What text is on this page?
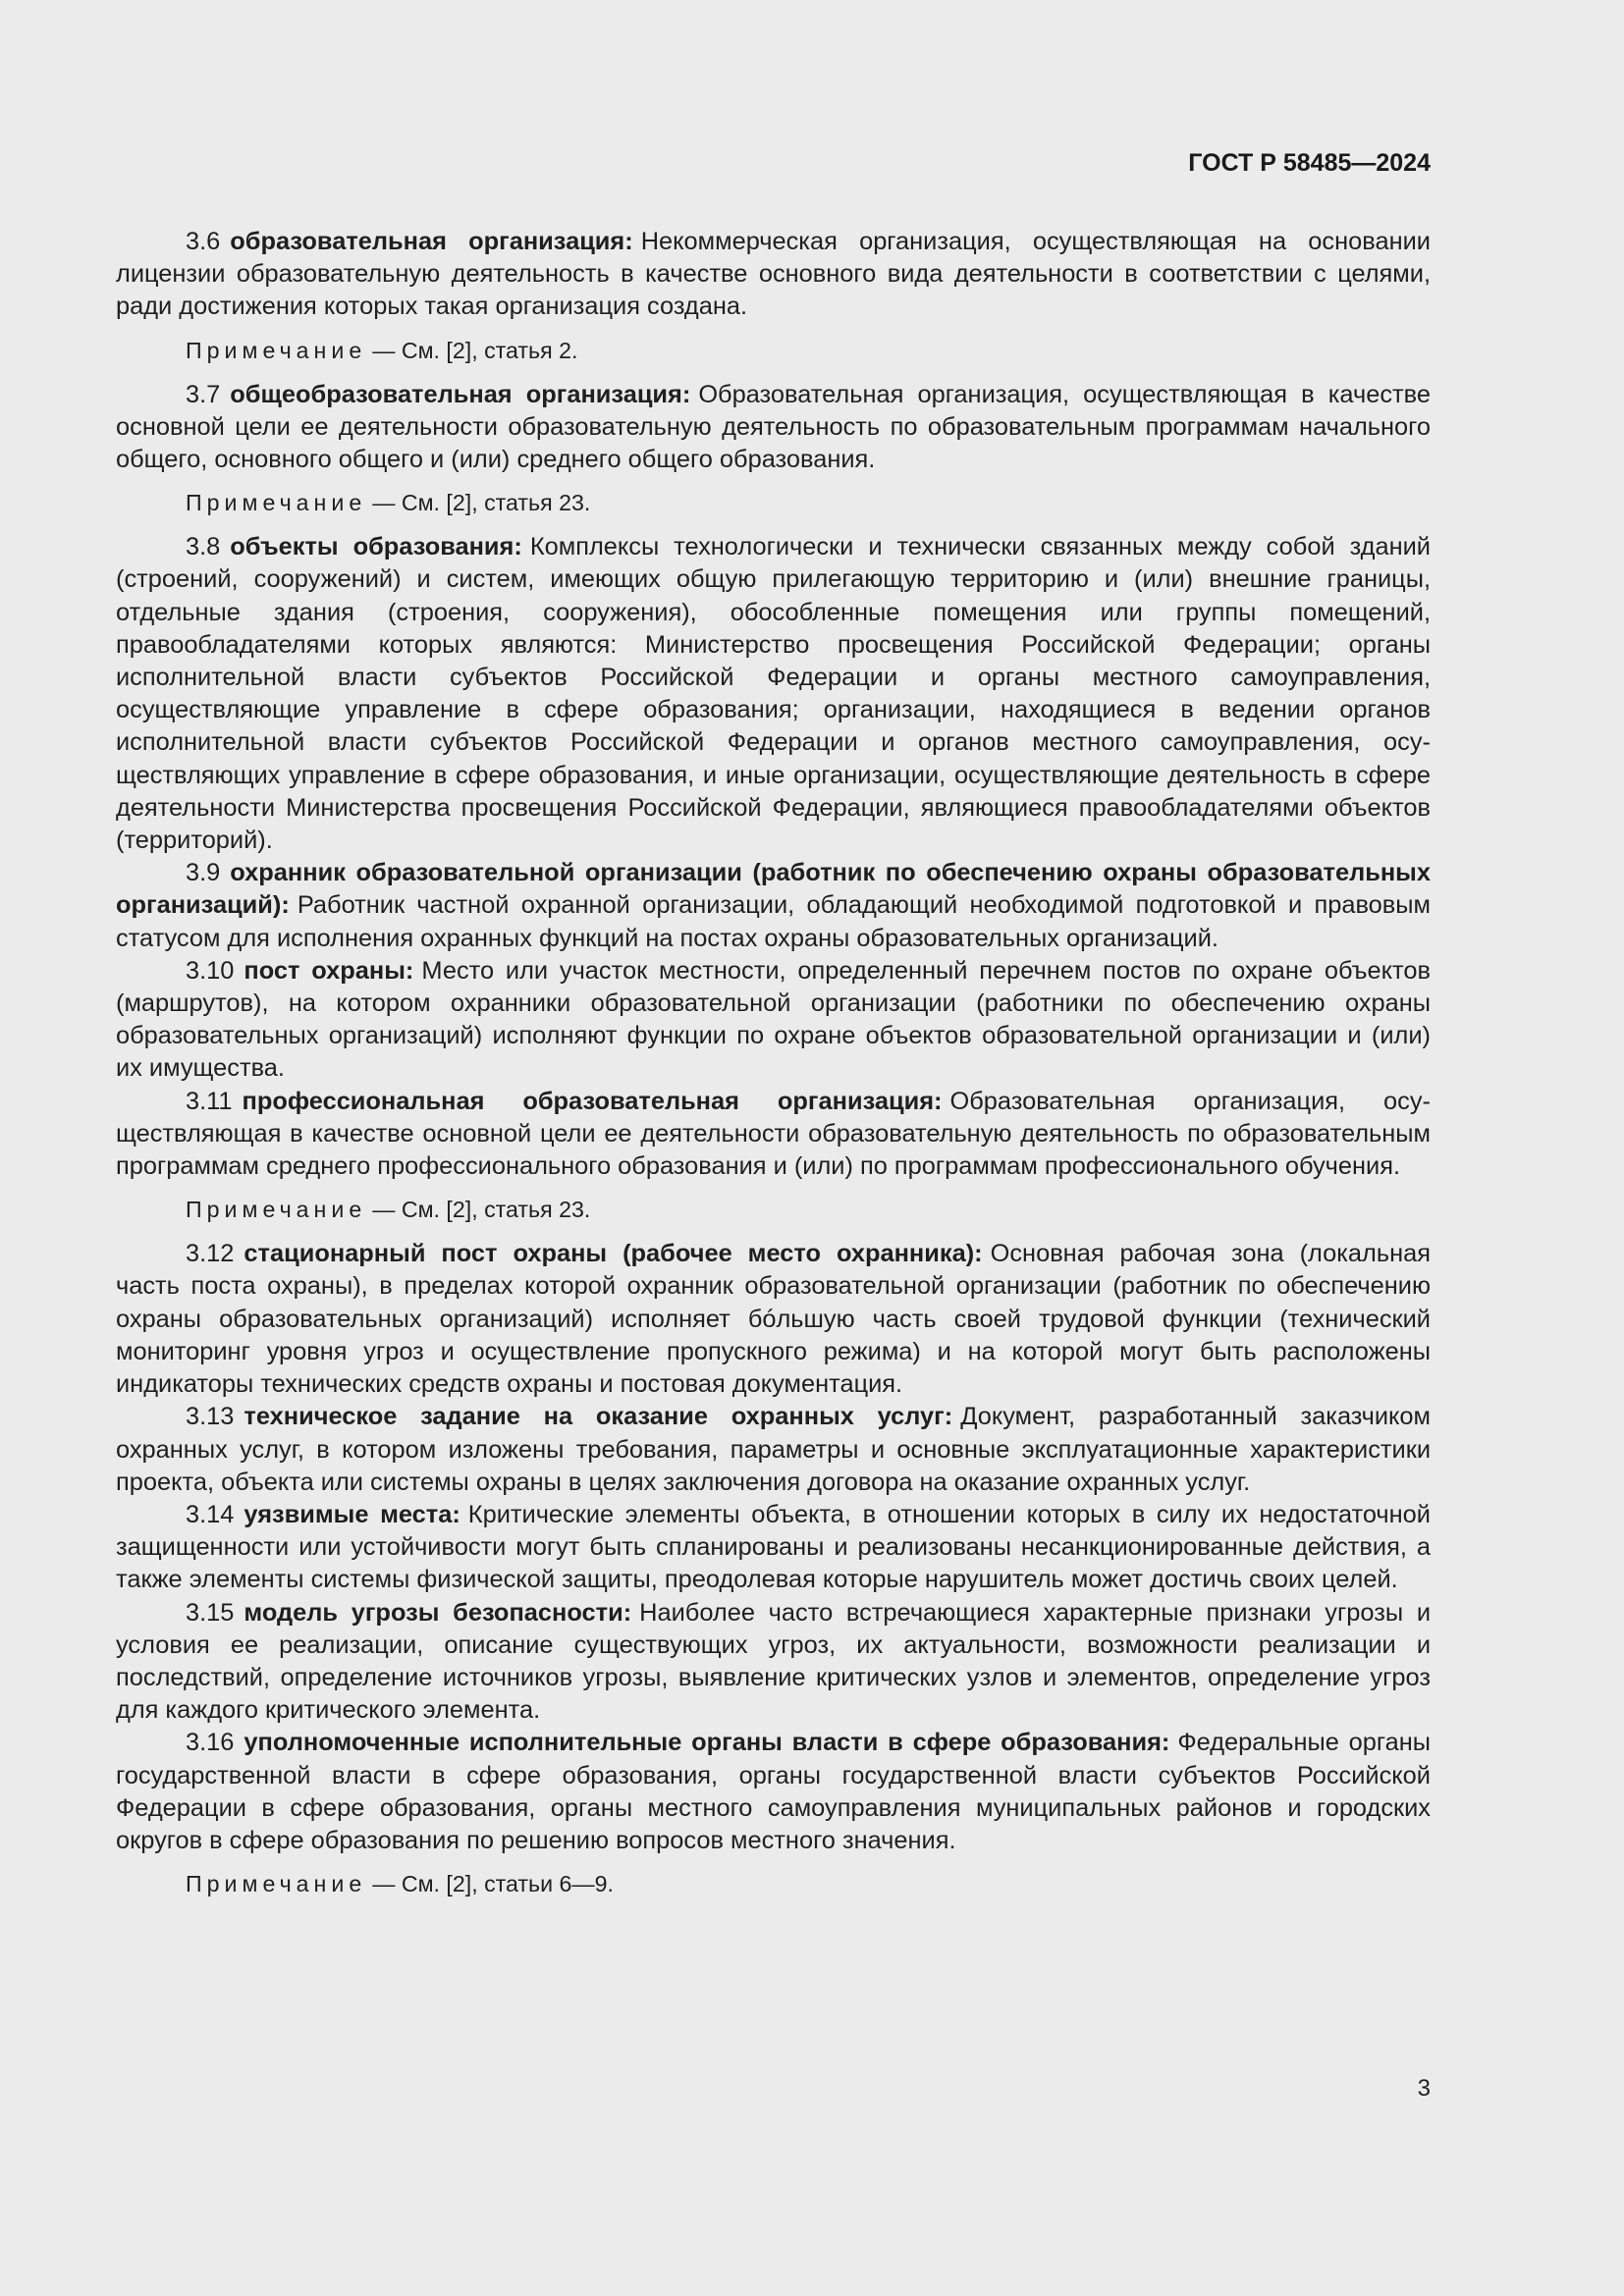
ГОСТ Р 58485—2024

3.6 образовательная организация: Некоммерческая организация, осуществляющая на основании лицензии образовательную деятельность в качестве основного вида деятельности в соответствии с целями, ради достижения которых такая организация создана.

Примечание — См. [2], статья 2.

3.7 общеобразовательная организация: Образовательная организация, осуществляющая в качестве основной цели ее деятельности образовательную деятельность по образовательным программам начального общего, основного общего и (или) среднего общего образования.

Примечание — См. [2], статья 23.

3.8 объекты образования: Комплексы технологически и технически связанных между собой зданий (строений, сооружений) и систем, имеющих общую прилегающую территорию и (или) внешние границы, отдельные здания (строения, сооружения), обособленные помещения или группы помещений, правообладателями которых являются: Министерство просвещения Российской Федерации; органы исполнительной власти субъектов Российской Федерации и органы местного самоуправления, осуществляющие управление в сфере образования; организации, находящиеся в ведении органов исполнительной власти субъектов Российской Федерации и органов местного самоуправления, осуществляющих управление в сфере образования, и иные организации, осуществляющие деятельность в сфере деятельности Министерства просвещения Российской Федерации, являющиеся правообладателями объектов (территорий).

3.9 охранник образовательной организации (работник по обеспечению охраны образовательных организаций): Работник частной охранной организации, обладающий необходимой подготовкой и правовым статусом для исполнения охранных функций на постах охраны образовательных организаций.

3.10 пост охраны: Место или участок местности, определенный перечнем постов по охране объектов (маршрутов), на котором охранники образовательной организации (работники по обеспечению охраны образовательных организаций) исполняют функции по охране объектов образовательной организации и (или) их имущества.

3.11 профессиональная образовательная организация: Образовательная организация, осуществляющая в качестве основной цели ее деятельности образовательную деятельность по образовательным программам среднего профессионального образования и (или) по программам профессионального обучения.

Примечание — См. [2], статья 23.

3.12 стационарный пост охраны (рабочее место охранника): Основная рабочая зона (локальная часть поста охраны), в пределах которой охранник образовательной организации (работник по обеспечению охраны образовательных организаций) исполняет бóльшую часть своей трудовой функции (технический мониторинг уровня угроз и осуществление пропускного режима) и на которой могут быть расположены индикаторы технических средств охраны и постовая документация.

3.13 техническое задание на оказание охранных услуг: Документ, разработанный заказчиком охранных услуг, в котором изложены требования, параметры и основные эксплуатационные характеристики проекта, объекта или системы охраны в целях заключения договора на оказание охранных услуг.

3.14 уязвимые места: Критические элементы объекта, в отношении которых в силу их недостаточной защищенности или устойчивости могут быть спланированы и реализованы несанкционированные действия, а также элементы системы физической защиты, преодолевая которые нарушитель может достичь своих целей.

3.15 модель угрозы безопасности: Наиболее часто встречающиеся характерные признаки угрозы и условия ее реализации, описание существующих угроз, их актуальности, возможности реализации и последствий, определение источников угрозы, выявление критических узлов и элементов, определение угроз для каждого критического элемента.

3.16 уполномоченные исполнительные органы власти в сфере образования: Федеральные органы государственной власти в сфере образования, органы государственной власти субъектов Российской Федерации в сфере образования, органы местного самоуправления муниципальных районов и городских округов в сфере образования по решению вопросов местного значения.

Примечание — См. [2], статьи 6—9.
3
